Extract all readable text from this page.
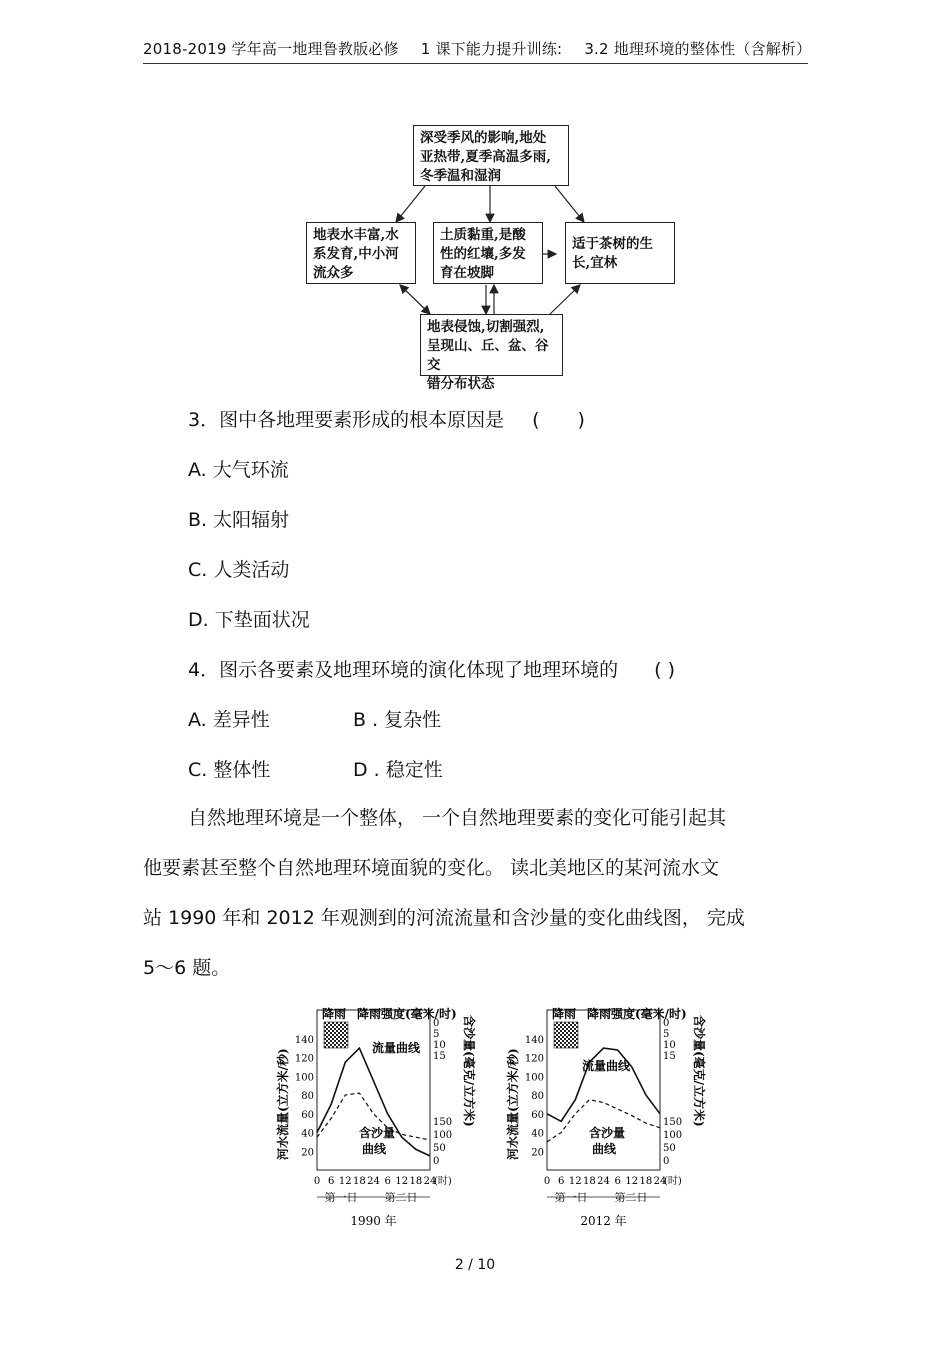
2018-2019 学年高一地理鲁教版必修 1 课下能力提升训练: 3.2 地理环境的整体性（含解析）
深受季风的影响,地处
亚热带,夏季高温多雨,
冬季温和湿润
地表水丰富,水
系发育,中小河
流众多
土质黏重,是酸
性的红壤,多发
育在坡脚
适于茶树的生
长,宜林
地表侵蚀,切割强烈,
呈现山、丘、盆、谷交
错分布状态
3．图中各地理要素形成的根本原因是 (　　)
A. 大气环流
B. 太阳辐射
C. 人类活动
D. 下垫面状况
4．图示各要素及地理环境的演化体现了地理环境的 ( )
A. 差异性	B . 复杂性
C. 整体性	D . 稳定性
自然地理环境是一个整体， 一个自然地理要素的变化可能引起其
他要素甚至整个自然地理环境面貌的变化。 读北美地区的某河流水文
站 1990 年和 2012 年观测到的河流流量和含沙量的变化曲线图， 完成
5～6 题。
降雨 降雨强度(毫米/时)
0
5
10
15
140
120
100
80
60
40
20
150
100
50
0
0 6 12 18 24 6 12 18 24
(时)
第一日 第二日
1990 年
河水流量(立方米/秒)	含沙量(毫克/立方米)
流量曲线
含沙量
曲线
降雨 降雨强度(毫米/时)
0
5
10
15
140
120
100
80
60
40
20
150
100
50
0
0 6 12 18 24 6 12 18 24
(时)
第一日 第二日
2012 年
河水流量(立方米/秒)	含沙量(毫克/立方米)
流量曲线
含沙量
曲线
2 / 10
